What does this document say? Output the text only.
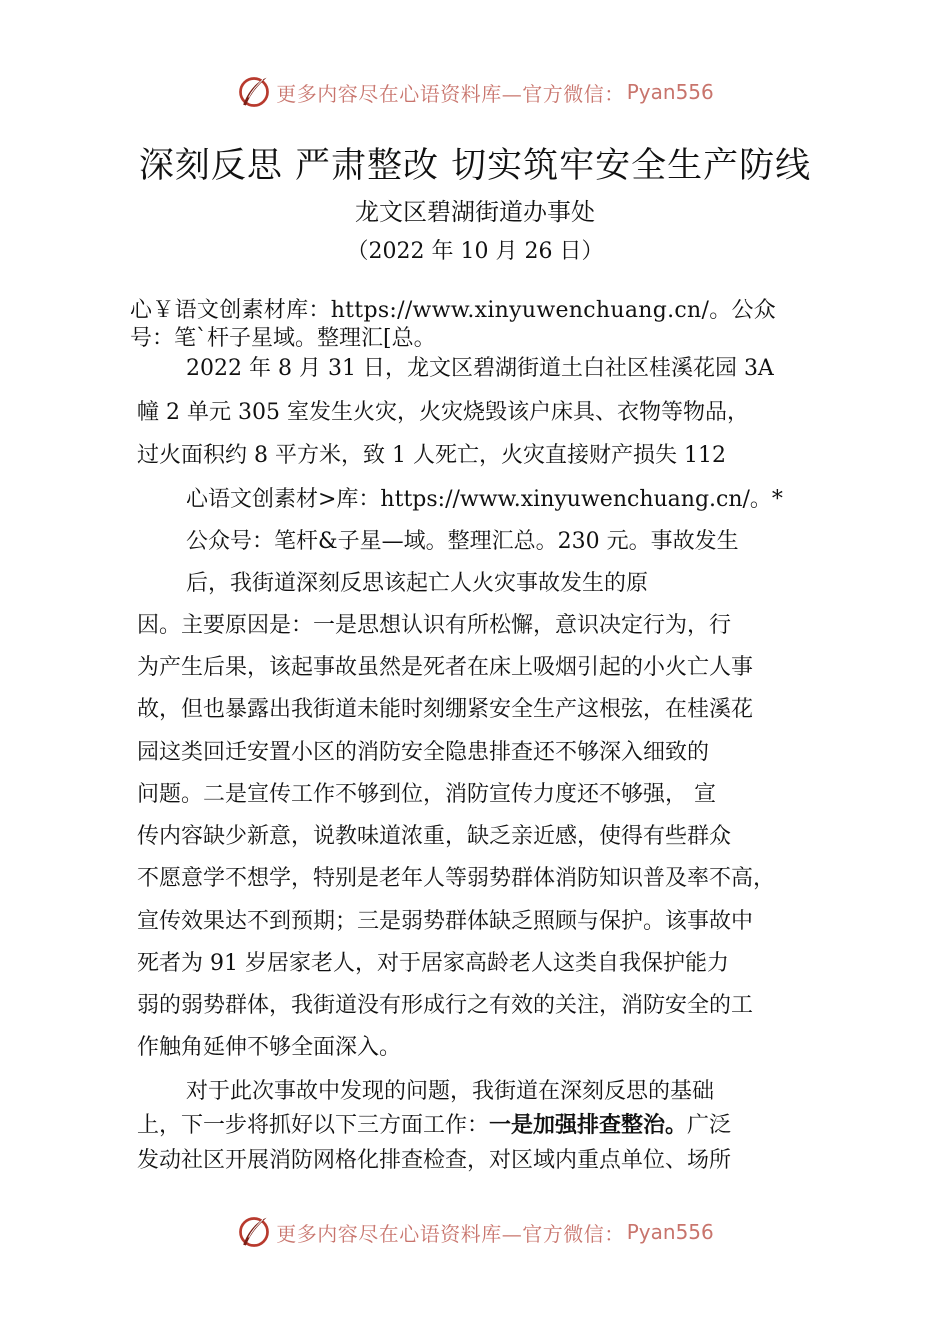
更多内容尽在心语资料库—官方微信： Pyan556
深刻反思 严肃整改 切实筑牢安全生产防线
龙文区碧湖街道办事处
（2022 年 10 月 26 日）
心￥语文创素材库：https://www.xinyuwenchuang.cn/。公众
号：笔`杆子星域。整理汇[总。
2022 年 8 月 31 日，龙文区碧湖街道土白社区桂溪花园 3A
幢 2 单元 305 室发生火灾，火灾烧毁该户床具、衣物等物品，
过火面积约 8 平方米，致 1 人死亡，火灾直接财产损失 112
心语文创素材>库：https://www.xinyuwenchuang.cn/。*
公众号：笔杆&子星—域。整理汇总。230 元。事故发生
后，我街道深刻反思该起亡人火灾事故发生的原
因。主要原因是：一是思想认识有所松懈，意识决定行为，行
为产生后果，该起事故虽然是死者在床上吸烟引起的小火亡人事
故，但也暴露出我街道未能时刻绷紧安全生产这根弦，在桂溪花
园这类回迁安置小区的消防安全隐患排查还不够深入细致的
问题。二是宣传工作不够到位，消防宣传力度还不够强， 宣
传内容缺少新意，说教味道浓重，缺乏亲近感，使得有些群众
不愿意学不想学，特别是老年人等弱势群体消防知识普及率不高，
宣传效果达不到预期；三是弱势群体缺乏照顾与保护。该事故中
死者为 91 岁居家老人，对于居家高龄老人这类自我保护能力
弱的弱势群体，我街道没有形成行之有效的关注，消防安全的工
作触角延伸不够全面深入。
对于此次事故中发现的问题，我街道在深刻反思的基础
上，下一步将抓好以下三方面工作：一是加强排查整治。广泛
发动社区开展消防网格化排查检查，对区域内重点单位、场所
更多内容尽在心语资料库—官方微信： Pyan556
